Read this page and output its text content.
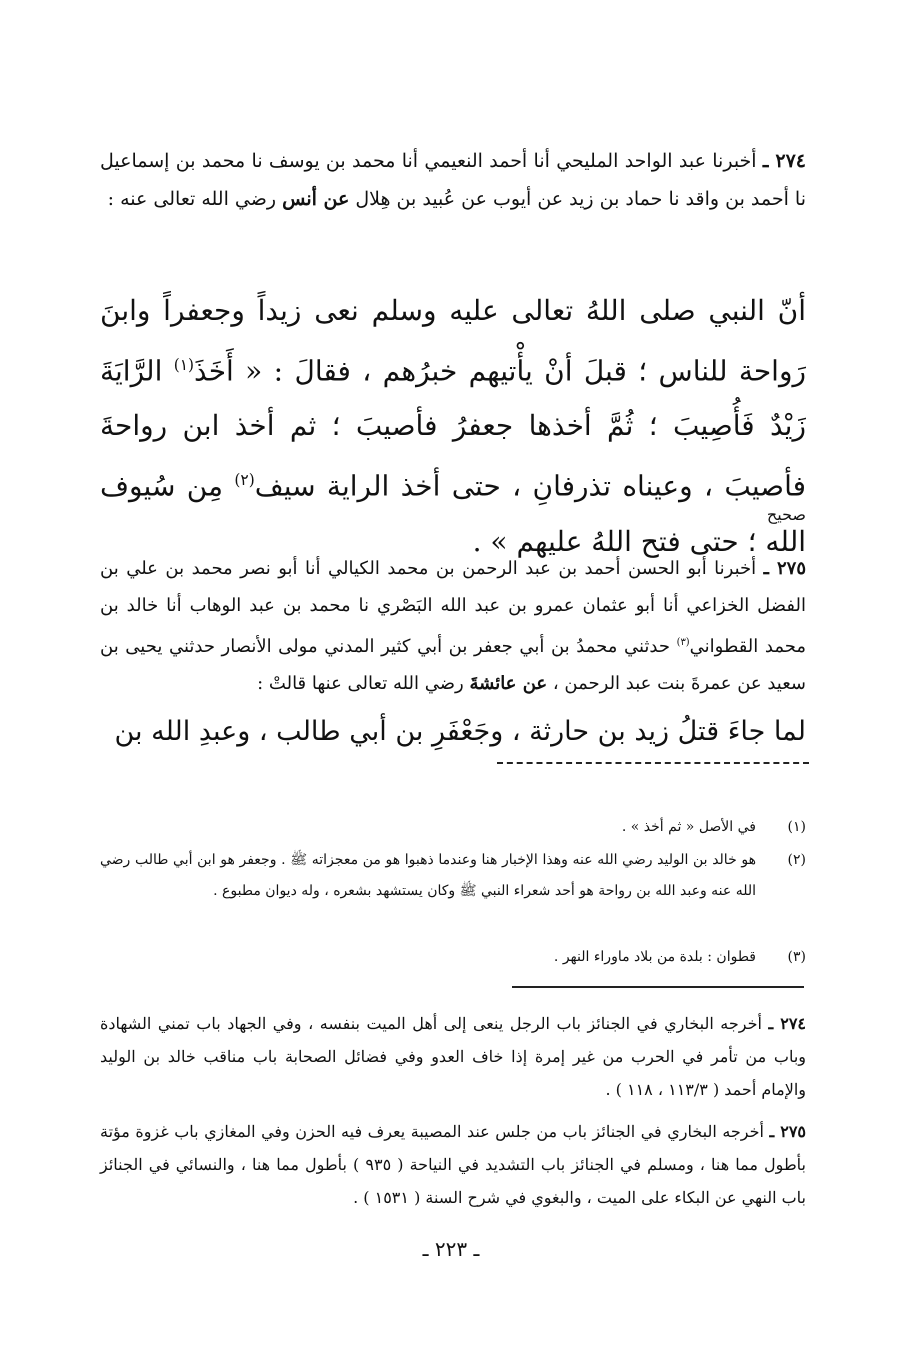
٢٧٤ ـ أخبرنا عبد الواحد المليحي أنا أحمد النعيمي أنا محمد بن يوسف نا محمد بن إسماعيل نا أحمد بن واقد نا حماد بن زيد عن أيوب عن عُبيد بن هِلال عن أنس رضي الله تعالى عنه :
أنّ النبي صلى اللهُ تعالى عليه وسلم نعى زيداً وجعفراً وابنَ رَواحة للناس ؛ قبلَ أنْ يأْتيهم خبرُهم ، فقالَ : « أَخَذَ$^{(١)}$ الرَّايَةَ زَيْدٌ فَأُصِيبَ ؛ ثُمَّ أخذها جعفرُ فأصيبَ ؛ ثم أخذ ابن رواحةَ فأصيبَ ، وعيناه تذرفانِ ، حتى أخذ الراية سيف$^{(٢)}$ مِن سُيوف الله ؛ حتى فتح اللهُ عليهم » .
صحيح
٢٧٥ ـ أخبرنا أبو الحسن أحمد بن عبد الرحمن بن محمد الكيالي أنا أبو نصر محمد بن علي بن الفضل الخزاعي أنا أبو عثمان عمرو بن عبد الله البَصْري نا محمد بن عبد الوهاب أنا خالد بن محمد القطواني$^{(٣)}$ حدثني محمدُ بن أبي جعفر بن أبي كثير المدني مولى الأنصار حدثني يحيى بن سعيد عن عمرةَ بنت عبد الرحمن ، عن عائشةَ رضي الله تعالى عنها قالتْ :
لما جاءَ قتلُ زيد بن حارثة ، وجَعْفَرِ بن أبي طالب ، وعبدِ الله بن
(١)
في الأصل « ثم أخذ » .
(٢)
هو خالد بن الوليد رضي الله عنه وهذا الإخبار هنا وعندما ذهبوا هو من معجزاته ﷺ . وجعفر هو ابن أبي طالب رضي الله عنه وعبد الله بن رواحة هو أحد شعراء النبي ﷺ وكان يستشهد بشعره ، وله ديوان مطبوع .
(٣)
قطوان : بلدة من بلاد ماوراء النهر .
٢٧٤ ـ أخرجه البخاري في الجنائز باب الرجل ينعى إلى أهل الميت بنفسه ، وفي الجهاد باب تمني الشهادة وباب من تأمر في الحرب من غير إمرة إذا خاف العدو وفي فضائل الصحابة باب مناقب خالد بن الوليد والإمام أحمد ( ١١٣/٣ ، ١١٨ ) .
٢٧٥ ـ أخرجه البخاري في الجنائز باب من جلس عند المصيبة يعرف فيه الحزن وفي المغازي باب غزوة مؤتة بأطول مما هنا ، ومسلم في الجنائز باب التشديد في النياحة ( ٩٣٥ ) بأطول مما هنا ، والنسائي في الجنائز باب النهي عن البكاء على الميت ، والبغوي في شرح السنة ( ١٥٣١ ) .
ـ ٢٢٣ ـ
